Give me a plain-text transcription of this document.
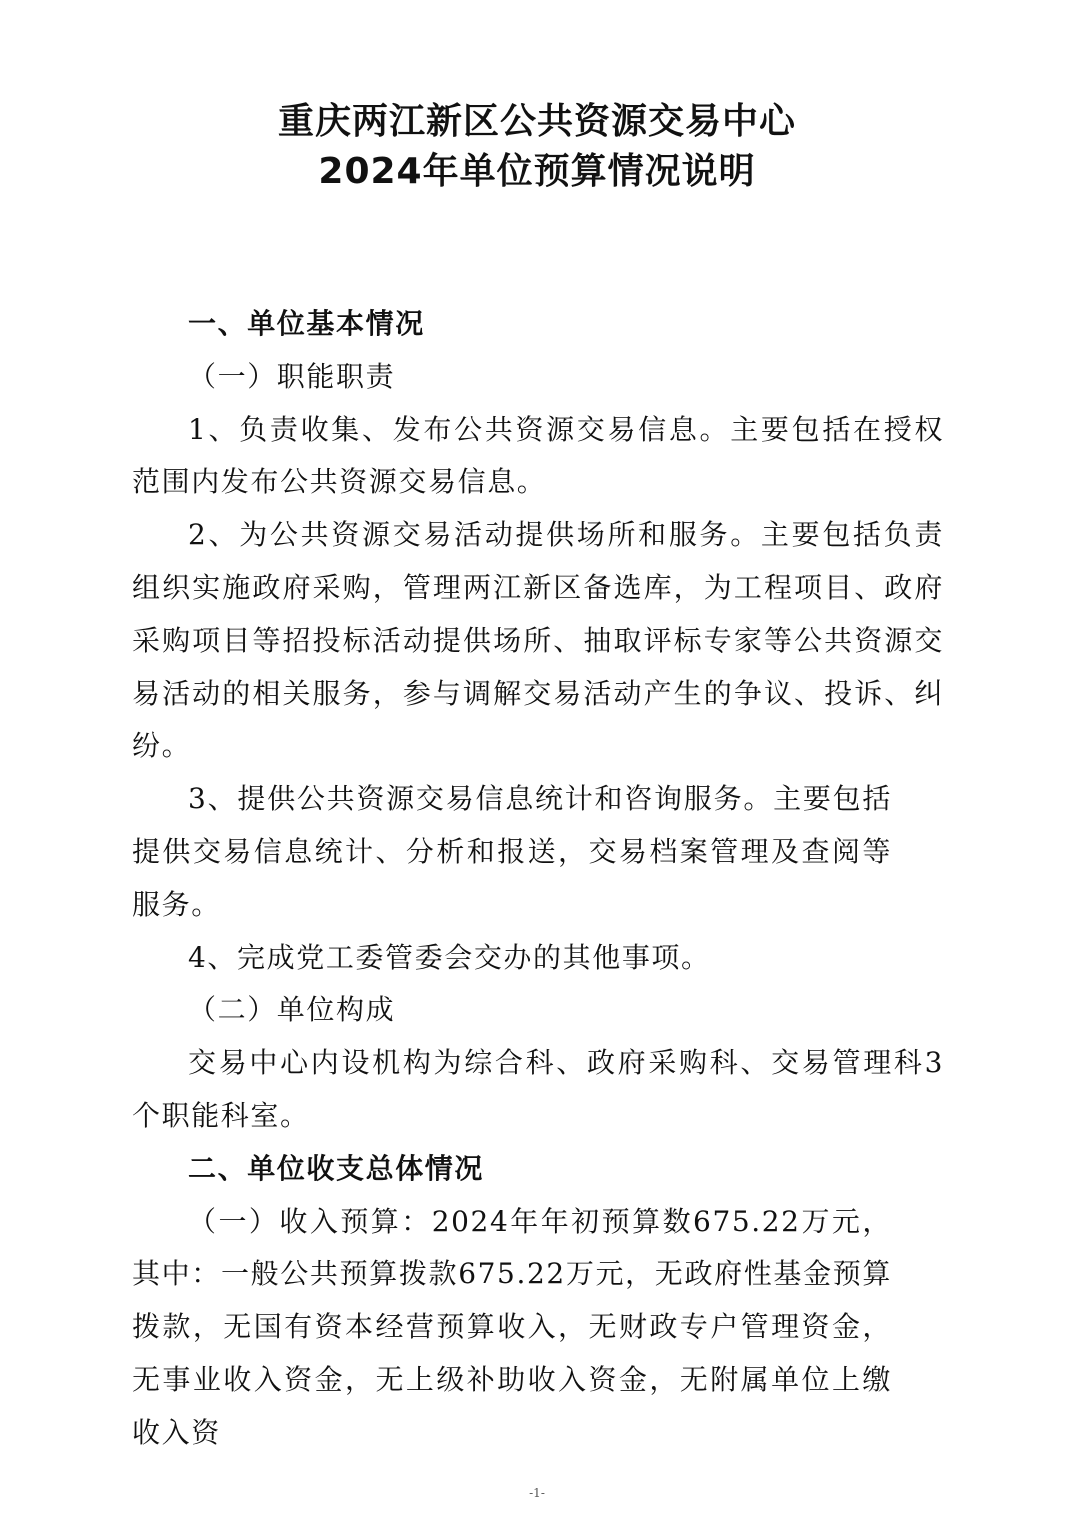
重庆两江新区公共资源交易中心
2024年单位预算情况说明

一、单位基本情况

（一）职能职责

1、负责收集、发布公共资源交易信息。主要包括在授权范围内发布公共资源交易信息。

2、为公共资源交易活动提供场所和服务。主要包括负责组织实施政府采购，管理两江新区备选库，为工程项目、政府采购项目等招投标活动提供场所、抽取评标专家等公共资源交易活动的相关服务，参与调解交易活动产生的争议、投诉、纠纷。

3、提供公共资源交易信息统计和咨询服务。主要包括提供交易信息统计、分析和报送，交易档案管理及查阅等服务。

4、完成党工委管委会交办的其他事项。

（二）单位构成

交易中心内设机构为综合科、政府采购科、交易管理科3个职能科室。

二、单位收支总体情况

（一）收入预算：2024年年初预算数675.22万元，其中：一般公共预算拨款675.22万元，无政府性基金预算拨款，无国有资本经营预算收入，无财政专户管理资金，无事业收入资金，无上级补助收入资金，无附属单位上缴收入资

-1-
